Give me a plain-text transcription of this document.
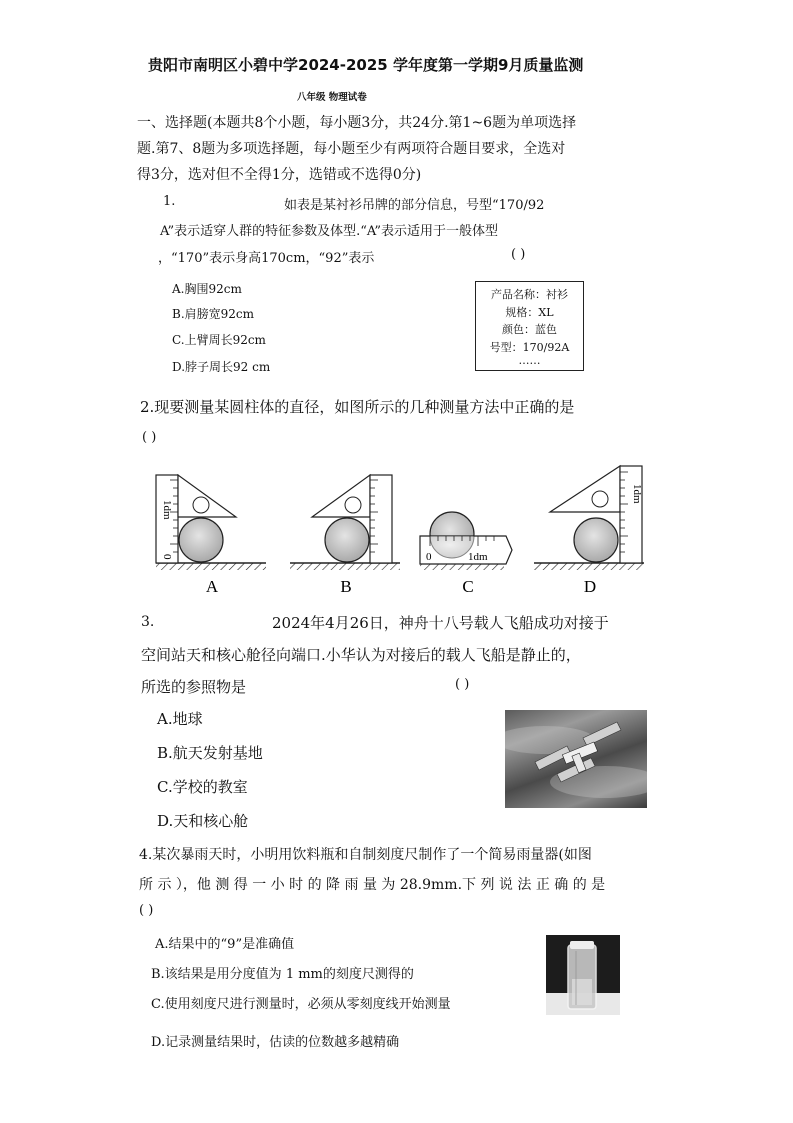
贵阳市南明区小碧中学2024-2025 学年度第一学期9月质量监测
八年级 物理试卷
一、选择题(本题共8个小题，每小题3分，共24分.第1~6题为单项选择
题.第7、8题为多项选择题，每小题至少有两项符合题目要求，全选对
得3分，选对但不全得1分，选错或不选得0分)
1.	如表是某衬衫吊牌的部分信息，号型“170/92
A”表示适穿人群的特征参数及体型.“A”表示适用于一般体型
，“170”表示身高170cm，“92”表示	( )
A.胸围92cm
B.肩膀宽92cm
C.上臂周长92cm
D.脖子周长92 cm
产品名称：衬衫
规格：XL
颜色：蓝色
号型：170/92A
……
2.现要测量某圆柱体的直径，如图所示的几种测量方法中正确的是
( )
1dm
0
A	B
0	1dm
C
1dm
D
3.	2024年4月26日，神舟十八号载人飞船成功对接于
空间站天和核心舱径向端口.小华认为对接后的载人飞船是静止的，
所选的参照物是	( )
A.地球
B.航天发射基地
C.学校的教室
D.天和核心舱
4.某次暴雨天时，小明用饮料瓶和自制刻度尺制作了一个简易雨量器(如图
所 示 ），他 测 得 一 小 时 的 降 雨 量 为 28.9mm.下 列 说 法 正 确 的 是
( )
A.结果中的“9”是准确值
B.该结果是用分度值为 1 mm的刻度尺测得的
C.使用刻度尺进行测量时，必须从零刻度线开始测量
D.记录测量结果时，估读的位数越多越精确
